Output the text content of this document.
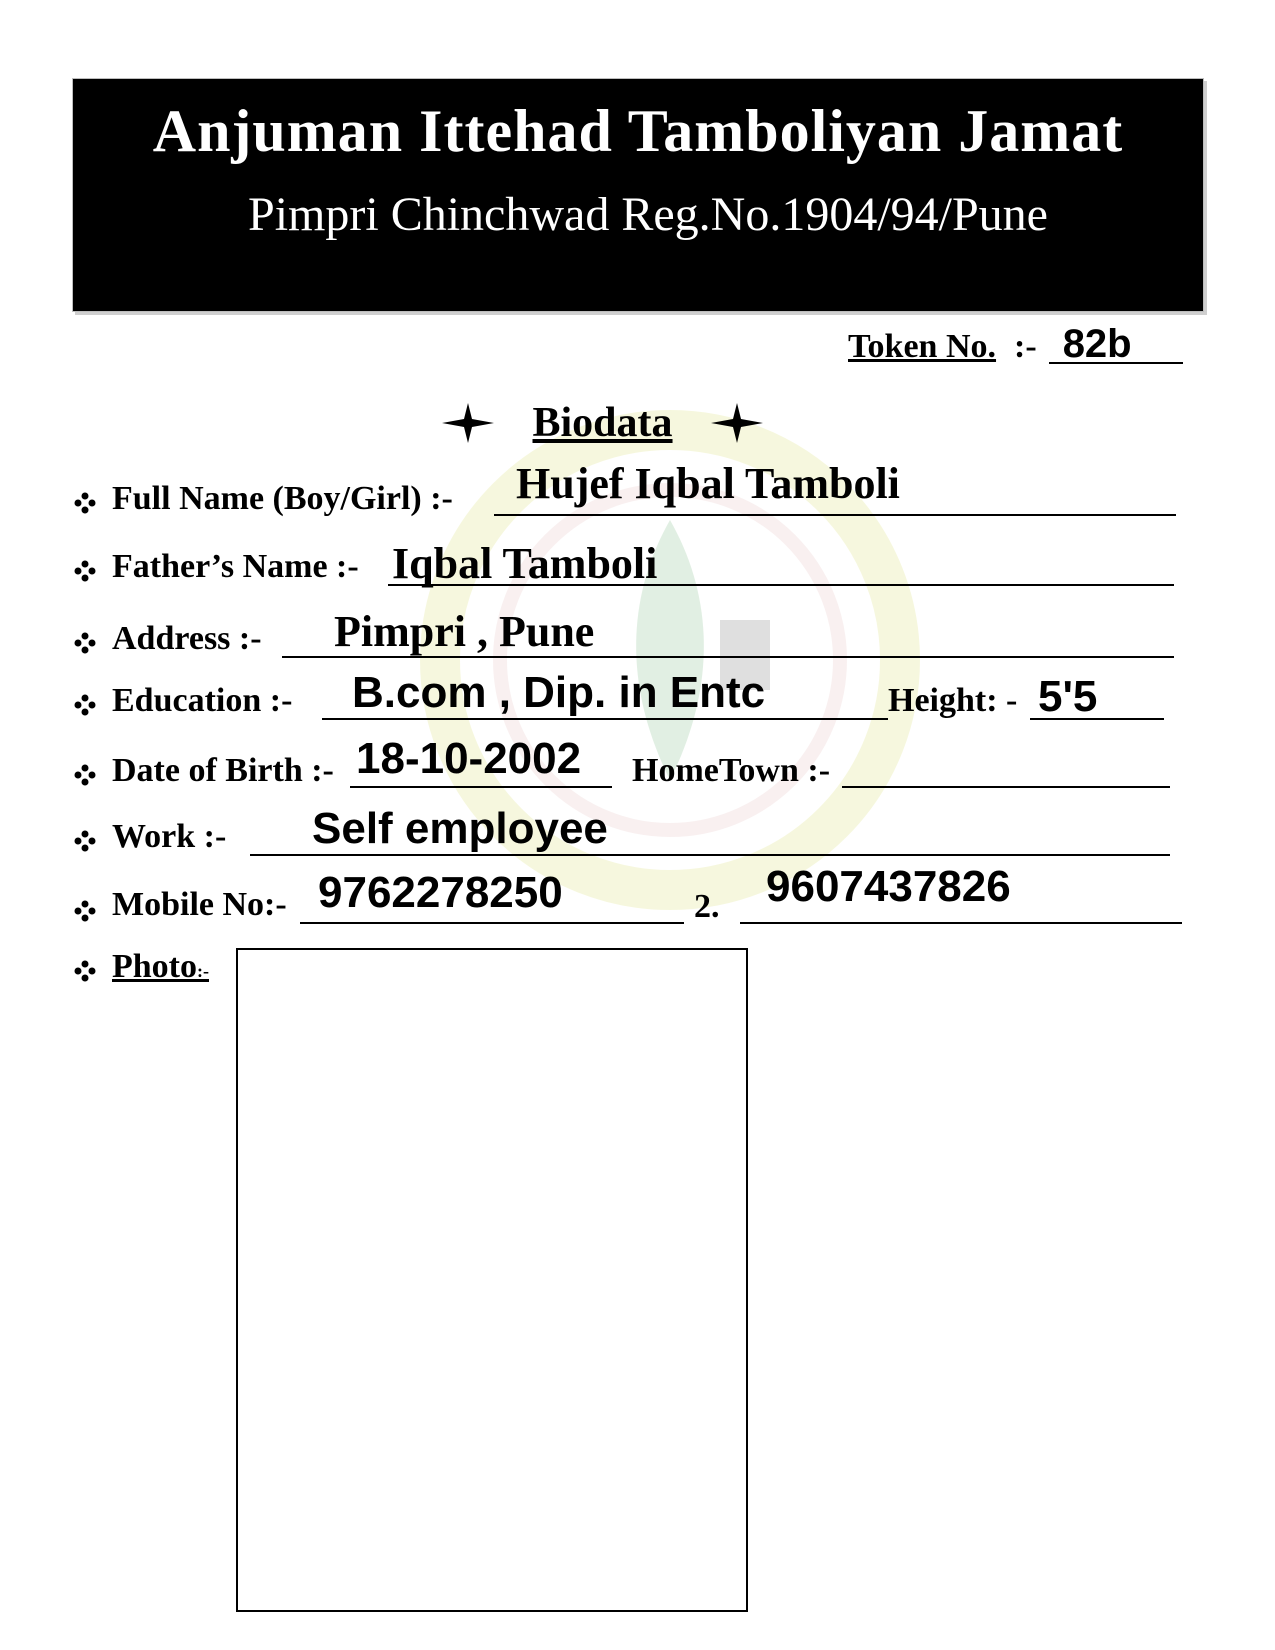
Anjuman Ittehad Tamboliyan Jamat
Pimpri Chinchwad Reg.No.1904/94/Pune
Token No. :- 82b
Biodata
Full Name (Boy/Girl) :- Hujef Iqbal Tamboli
Father’s Name :- Iqbal Tamboli
Address :- Pimpri , Pune
Education :- B.com , Dip. in Entc	Height: - 5'5
Date of Birth :- 18-10-2002 HomeTown :-
Work :- Self employee
Mobile No:- 9762278250	2. 9607437826
Photo:-
